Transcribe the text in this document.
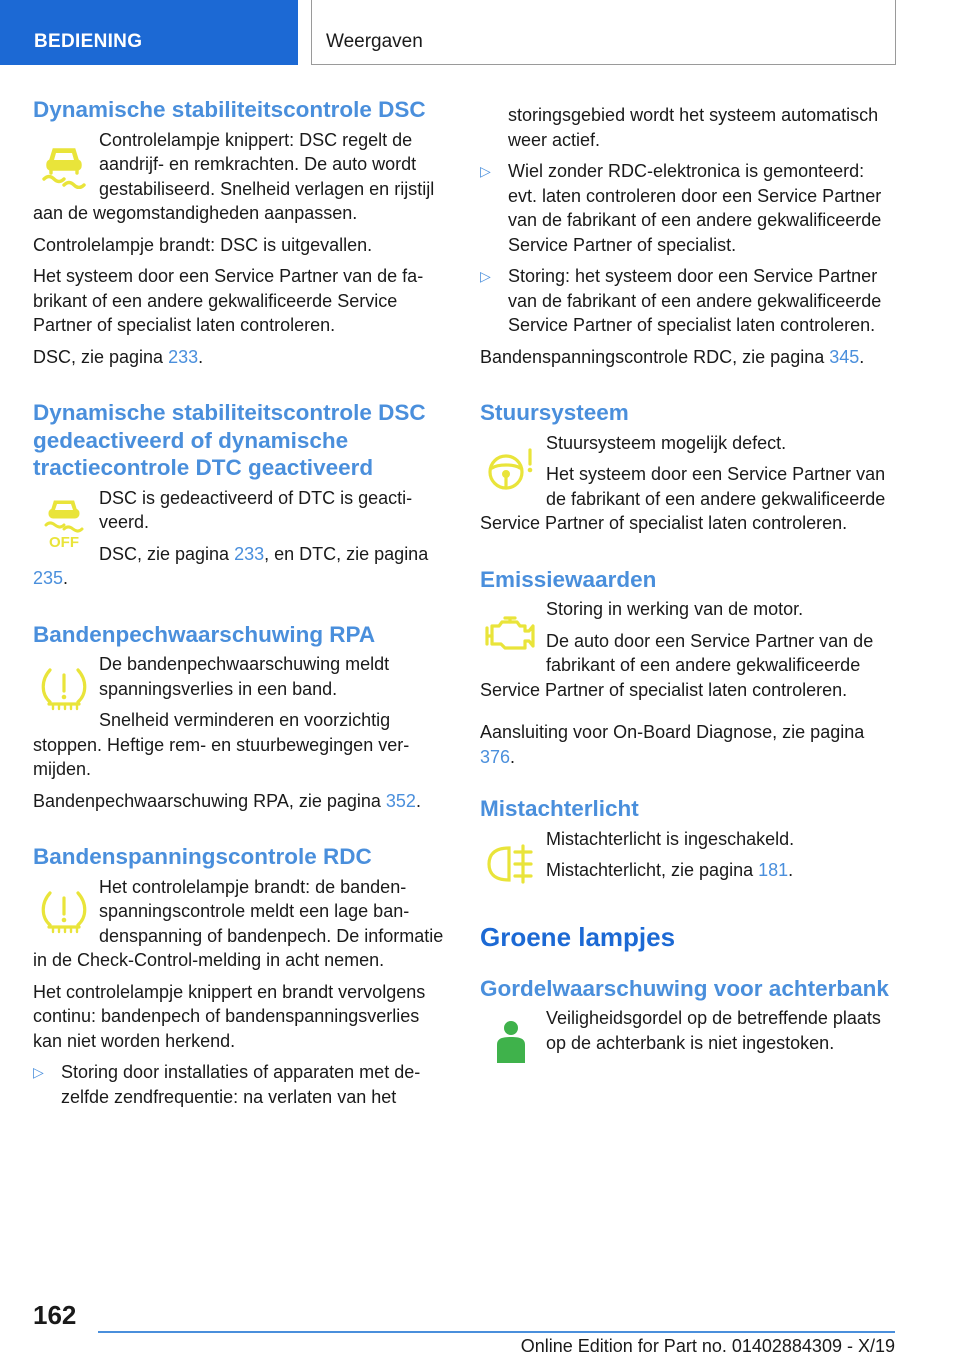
BEDIENING	Weergaven
Dynamische stabiliteitscontrole DSC
Controlelampje knippert: DSC regelt de aandrijf- en remkrachten. De auto wordt gestabiliseerd. Snelheid verlagen en rijstijl aan de wegomstandigheden aanpassen.
Controlelampje brandt: DSC is uitgevallen.
Het systeem door een Service Partner van de fabrikant of een andere gekwalificeerde Service Partner of specialist laten controleren.
DSC, zie pagina 233.
Dynamische stabiliteitscontrole DSC gedeactiveerd of dynamische tractiecontrole DTC geactiveerd
OFF
DSC is gedeactiveerd of DTC is geactiveerd.
DSC, zie pagina 233, en DTC, zie pagina 235.
Bandenpechwaarschuwing RPA
De bandenpechwaarschuwing meldt spanningsverlies in een band.
Snelheid verminderen en voorzichtig stoppen. Heftige rem- en stuurbewegingen vermijden.
Bandenpechwaarschuwing RPA, zie pagina 352.
Bandenspanningscontrole RDC
Het controlelampje brandt: de bandenspanningscontrole meldt een lage bandenspanning of bandenpech. De informatie in de Check-Control-melding in acht nemen.
Het controlelampje knippert en brandt vervolgens continu: bandenpech of bandenspanningsverlies kan niet worden herkend.
▷ Storing door installaties of apparaten met dezelfde zendfrequentie: na verlaten van het
storingsgebied wordt het systeem automatisch weer actief.
▷ Wiel zonder RDC-elektronica is gemonteerd: evt. laten controleren door een Service Partner van de fabrikant of een andere gekwalificeerde Service Partner of specialist.
▷ Storing: het systeem door een Service Partner van de fabrikant of een andere gekwalificeerde Service Partner of specialist laten controleren.
Bandenspanningscontrole RDC, zie pagina 345.
Stuursysteem
Stuursysteem mogelijk defect.
Het systeem door een Service Partner van de fabrikant of een andere gekwalificeerde Service Partner of specialist laten controleren.
Emissiewaarden
Storing in werking van de motor.
De auto door een Service Partner van de fabrikant of een andere gekwalificeerde Service Partner of specialist laten controleren.
Aansluiting voor On-Board Diagnose, zie pagina 376.
Mistachterlicht
Mistachterlicht is ingeschakeld.
Mistachterlicht, zie pagina 181.
Groene lampjes
Gordelwaarschuwing voor achterbank
Veiligheidsgordel op de betreffende plaats op de achterbank is niet ingestoken.
162
Online Edition for Part no. 01402884309 - X/19
